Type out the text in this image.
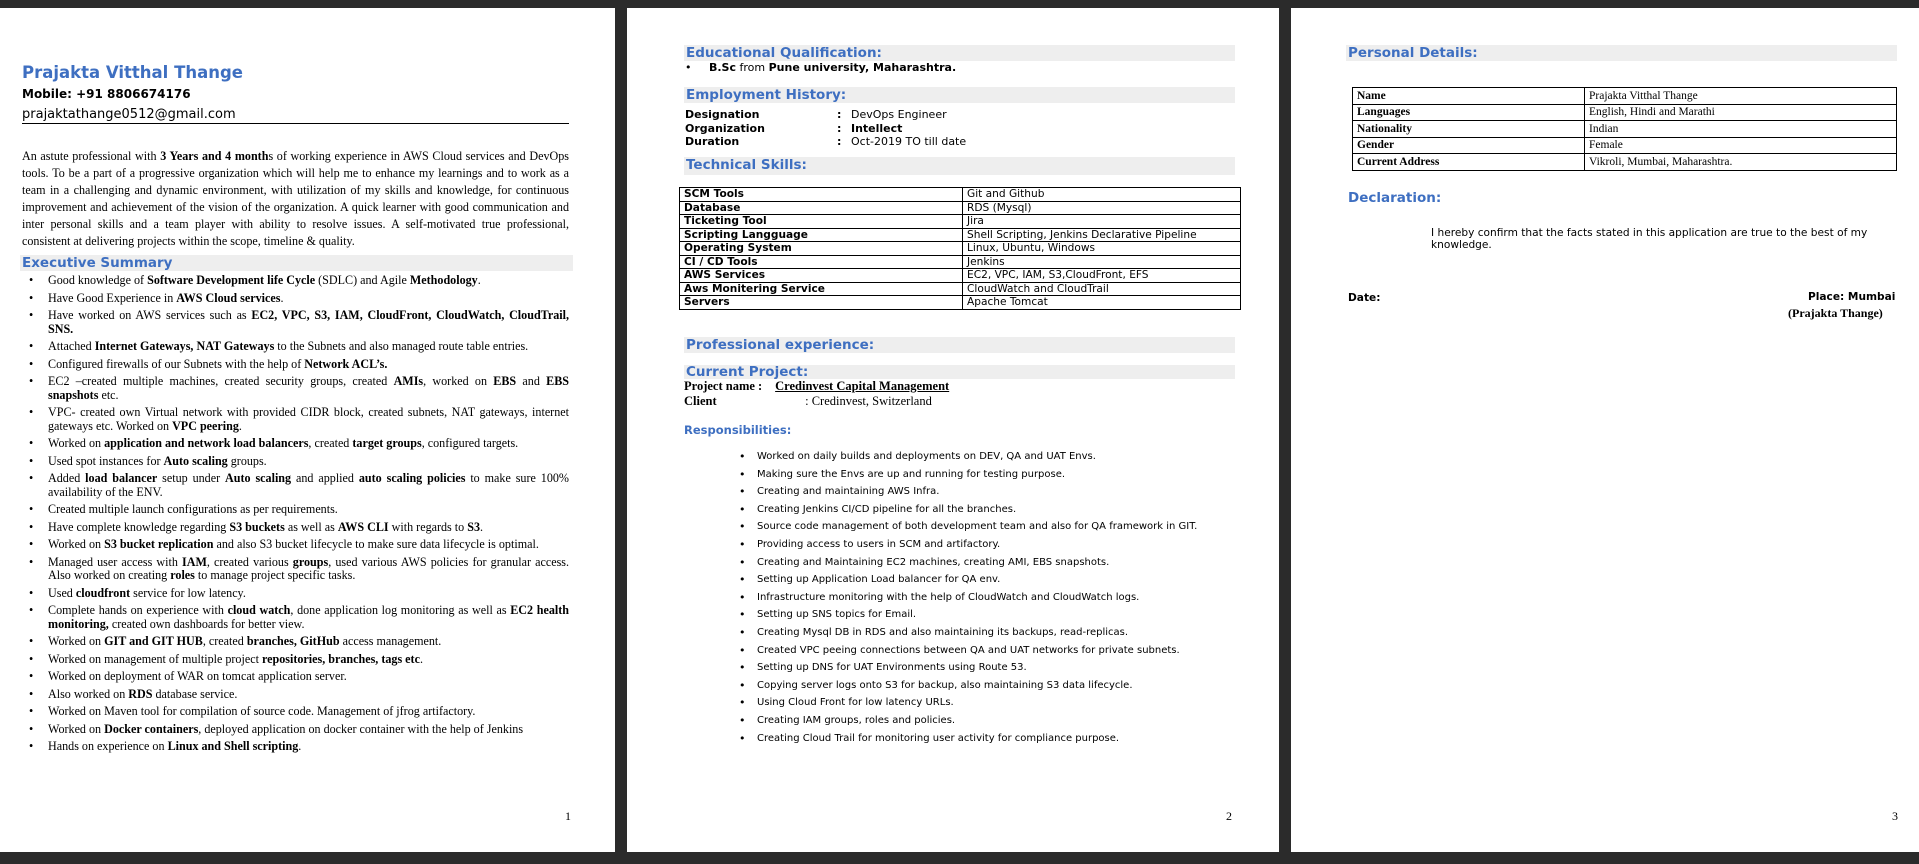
Prajakta Vitthal Thange
Mobile: +91 8806674176
prajaktathange0512@gmail.com
An astute professional with 3 Years and 4 months of working experience in AWS Cloud services and DevOps tools. To be a part of a progressive organization which will help me to enhance my learnings and to work as a team in a challenging and dynamic environment, with utilization of my skills and knowledge, for continuous improvement and achievement of the vision of the organization. A quick learner with good communication and inter personal skills and a team player with ability to resolve issues. A self-motivated true professional, consistent at delivering projects within the scope, timeline & quality.
Executive Summary
• Good knowledge of Software Development life Cycle (SDLC) and Agile Methodology.
• Have Good Experience in AWS Cloud services.
• Have worked on AWS services such as EC2, VPC, S3, IAM, CloudFront, CloudWatch, CloudTrail, SNS.
• Attached Internet Gateways, NAT Gateways to the Subnets and also managed route table entries.
• Configured firewalls of our Subnets with the help of Network ACL’s.
• EC2 –created multiple machines, created security groups, created AMIs, worked on EBS and EBS snapshots etc.
• VPC- created own Virtual network with provided CIDR block, created subnets, NAT gateways, internet gateways etc. Worked on VPC peering.
• Worked on application and network load balancers, created target groups, configured targets.
• Used spot instances for Auto scaling groups.
• Added load balancer setup under Auto scaling and applied auto scaling policies to make sure 100% availability of the ENV.
• Created multiple launch configurations as per requirements.
• Have complete knowledge regarding S3 buckets as well as AWS CLI with regards to S3.
• Worked on S3 bucket replication and also S3 bucket lifecycle to make sure data lifecycle is optimal.
• Managed user access with IAM, created various groups, used various AWS policies for granular access. Also worked on creating roles to manage project specific tasks.
• Used cloudfront service for low latency.
• Complete hands on experience with cloud watch, done application log monitoring as well as EC2 health monitoring, created own dashboards for better view.
• Worked on GIT and GIT HUB, created branches, GitHub access management.
• Worked on management of multiple project repositories, branches, tags etc.
• Worked on deployment of WAR on tomcat application server.
• Also worked on RDS database service.
• Worked on Maven tool for compilation of source code. Management of jfrog artifactory.
• Worked on Docker containers, deployed application on docker container with the help of Jenkins
• Hands on experience on Linux and Shell scripting.
1
Educational Qualification:
•     B.Sc from Pune university, Maharashtra.
Employment History:
Designation	: DevOps Engineer
Organization	: Intellect
Duration	: Oct-2019 TO till date
Technical Skills:
SCM Tools	Git and Github
Database	RDS (Mysql)
Ticketing Tool	Jira
Scripting Langguage	Shell Scripting, Jenkins Declarative Pipeline
Operating System	Linux, Ubuntu, Windows
CI / CD Tools	Jenkins
AWS Services	EC2, VPC, IAM, S3,CloudFront, EFS
Aws Monitering Service	CloudWatch and CloudTrail
Servers	Apache Tomcat
Professional experience:
Current Project:
Project name : Credinvest Capital Management
Client	: Credinvest, Switzerland
Responsibilities:
• Worked on daily builds and deployments on DEV, QA and UAT Envs.
• Making sure the Envs are up and running for testing purpose.
• Creating and maintaining AWS Infra.
• Creating Jenkins CI/CD pipeline for all the branches.
• Source code management of both development team and also for QA framework in GIT.
• Providing access to users in SCM and artifactory.
• Creating and Maintaining EC2 machines, creating AMI, EBS snapshots.
• Setting up Application Load balancer for QA env.
• Infrastructure monitoring with the help of CloudWatch and CloudWatch logs.
• Setting up SNS topics for Email.
• Creating Mysql DB in RDS and also maintaining its backups, read-replicas.
• Created VPC peeing connections between QA and UAT networks for private subnets.
• Setting up DNS for UAT Environments using Route 53.
• Copying server logs onto S3 for backup, also maintaining S3 data lifecycle.
• Using Cloud Front for low latency URLs.
• Creating IAM groups, roles and policies.
• Creating Cloud Trail for monitoring user activity for compliance purpose.
2
Personal Details:
Name	Prajakta Vitthal Thange
Languages	English, Hindi and Marathi
Nationality	Indian
Gender	Female
Current Address	Vikroli, Mumbai, Maharashtra.
Declaration:
I hereby confirm that the facts stated in this application are true to the best of my knowledge.
Date:	Place: Mumbai
(Prajakta Thange)
3
